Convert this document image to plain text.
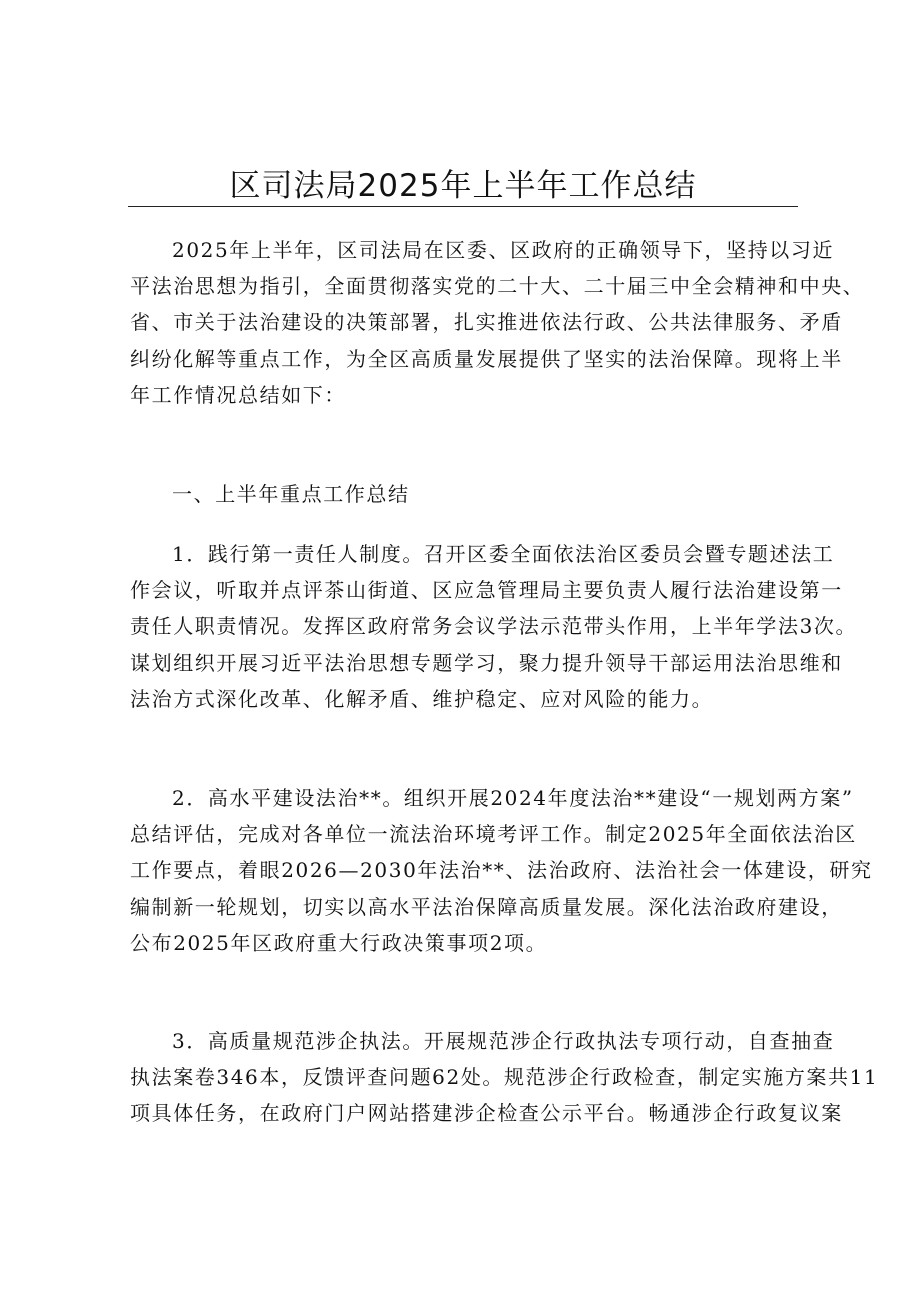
区司法局2025年上半年工作总结
2025年上半年，区司法局在区委、区政府的正确领导下，坚持以习近
平法治思想为指引，全面贯彻落实党的二十大、二十届三中全会精神和中央、
省、市关于法治建设的决策部署，扎实推进依法行政、公共法律服务、矛盾
纠纷化解等重点工作，为全区高质量发展提供了坚实的法治保障。现将上半
年工作情况总结如下：
一、上半年重点工作总结
1．践行第一责任人制度。召开区委全面依法治区委员会暨专题述法工
作会议，听取并点评茶山街道、区应急管理局主要负责人履行法治建设第一
责任人职责情况。发挥区政府常务会议学法示范带头作用，上半年学法3次。
谋划组织开展习近平法治思想专题学习，聚力提升领导干部运用法治思维和
法治方式深化改革、化解矛盾、维护稳定、应对风险的能力。
2．高水平建设法治**。组织开展2024年度法治**建设“一规划两方案”
总结评估，完成对各单位一流法治环境考评工作。制定2025年全面依法治区
工作要点，着眼2026—2030年法治**、法治政府、法治社会一体建设，研究
编制新一轮规划，切实以高水平法治保障高质量发展。深化法治政府建设，
公布2025年区政府重大行政决策事项2项。
3．高质量规范涉企执法。开展规范涉企行政执法专项行动，自查抽查
执法案卷346本，反馈评查问题62处。规范涉企行政检查，制定实施方案共11
项具体任务，在政府门户网站搭建涉企检查公示平台。畅通涉企行政复议案
